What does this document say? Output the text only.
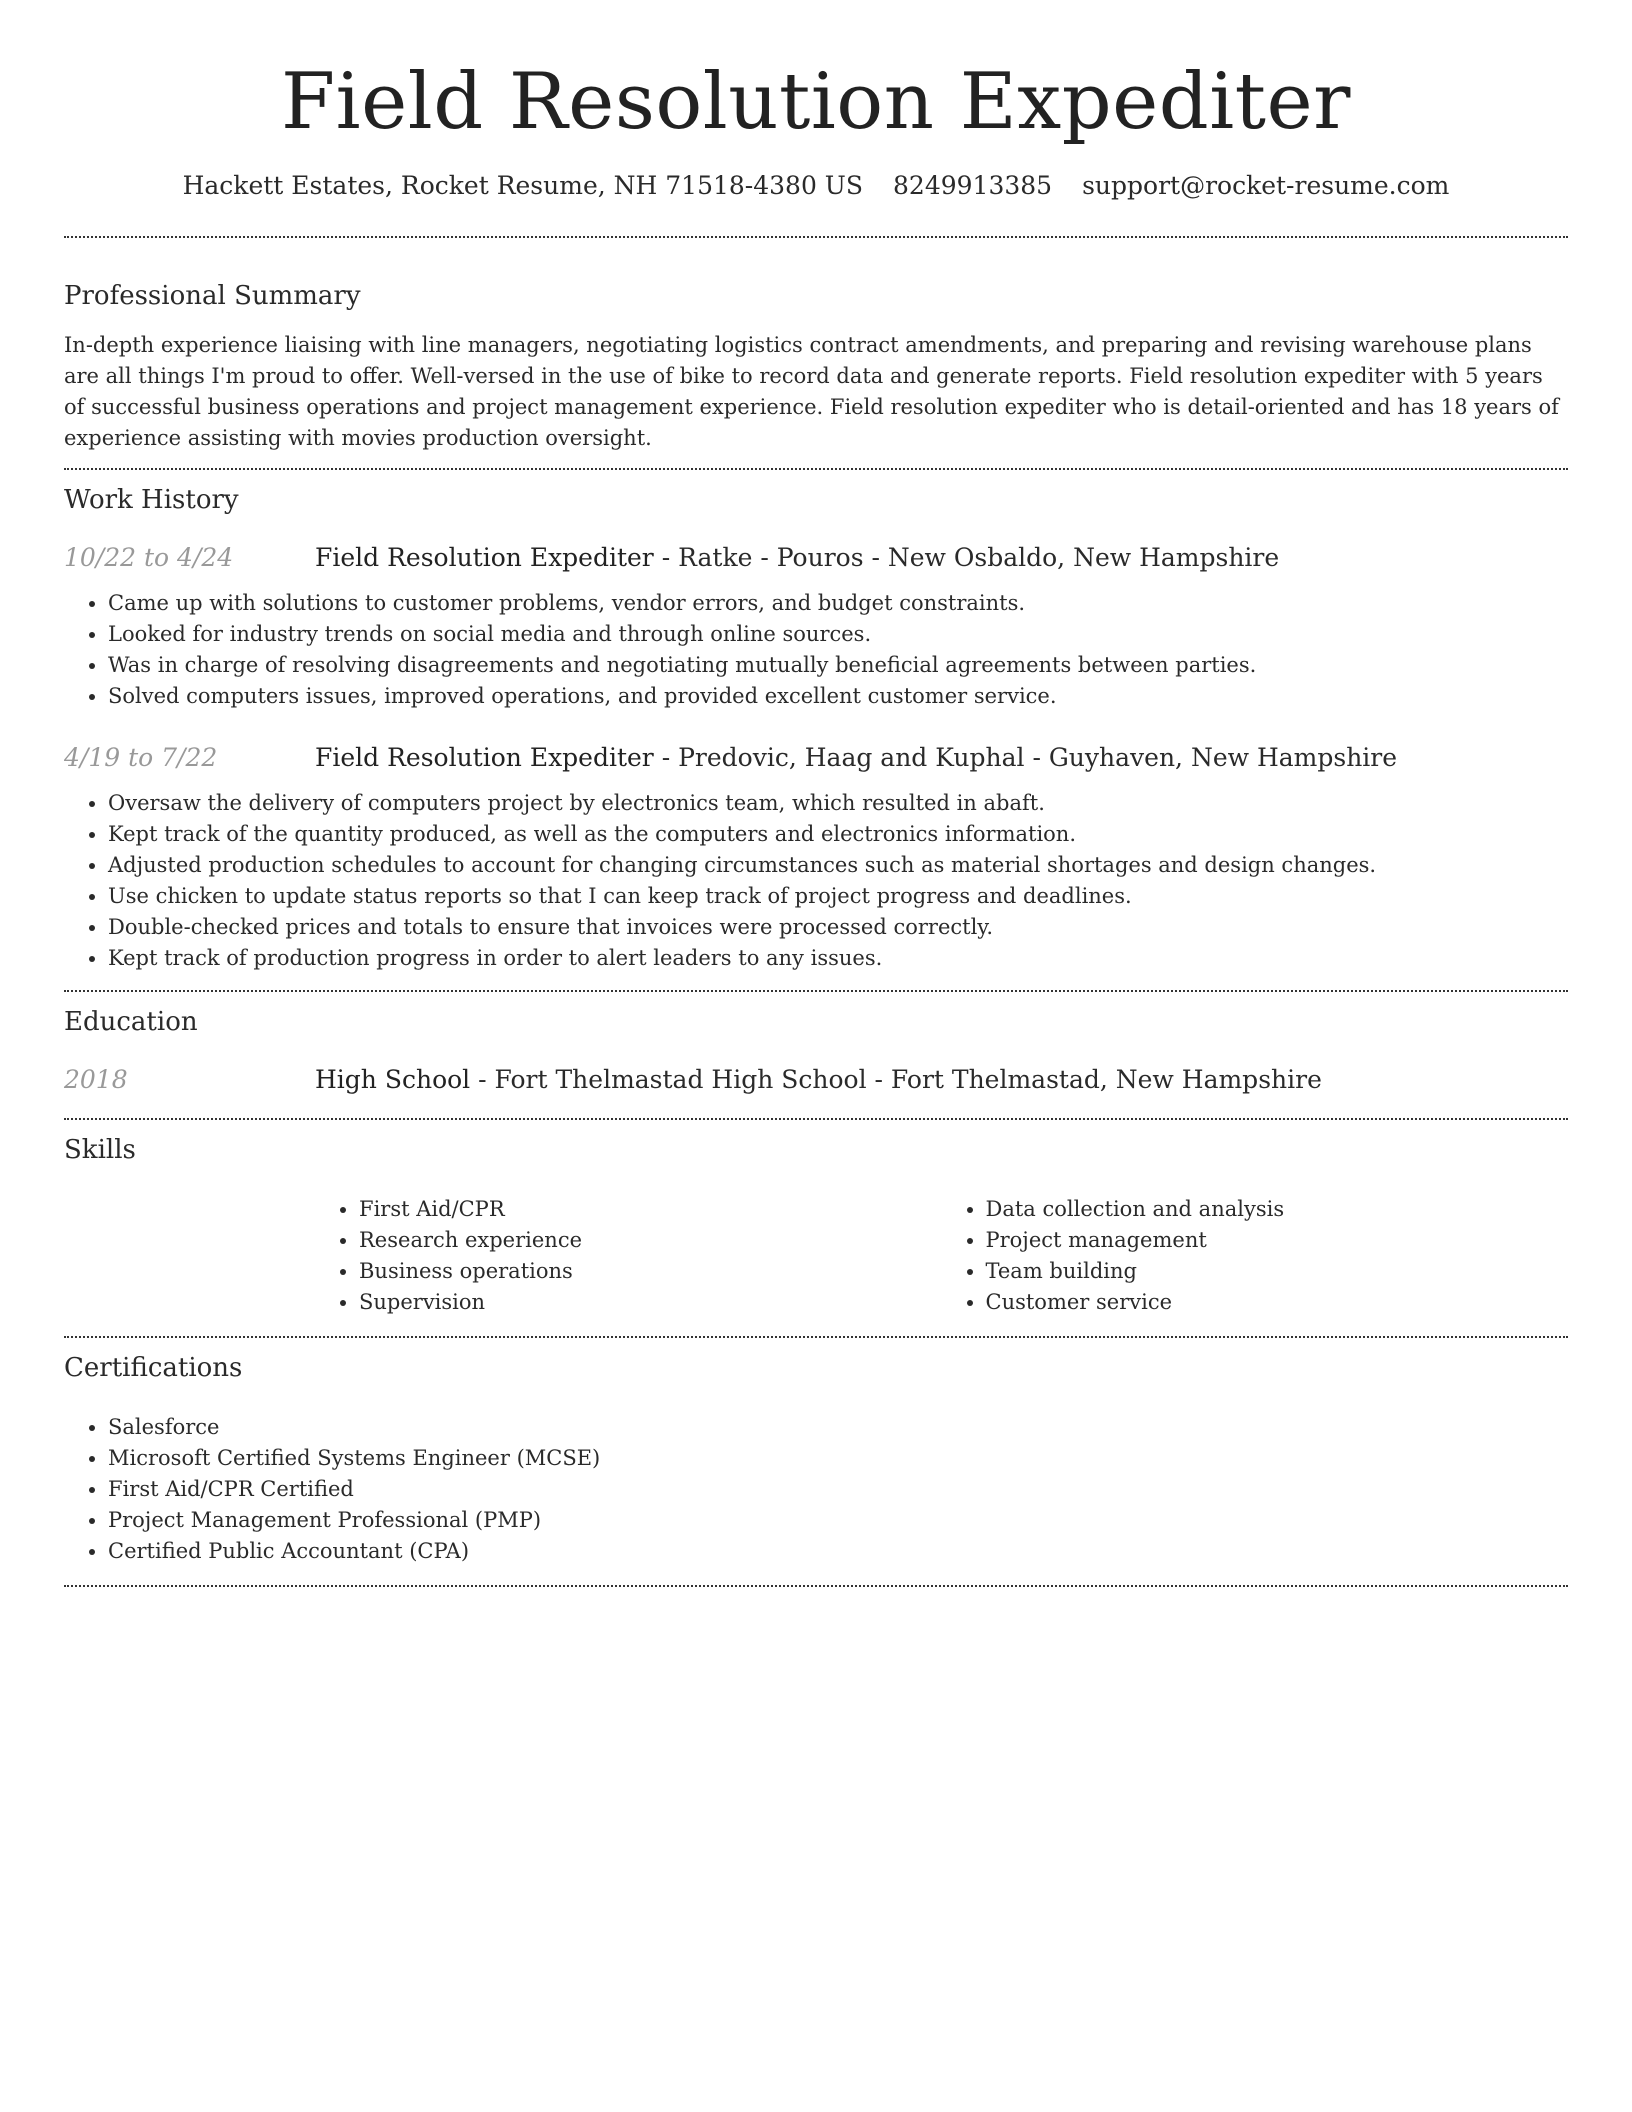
Field Resolution Expediter
Hackett Estates, Rocket Resume, NH 71518-4380 US 8249913385 support@rocket-resume.com
Professional Summary

In-depth experience liaising with line managers, negotiating logistics contract amendments, and preparing and revising warehouse plans are all things I'm proud to offer. Well-versed in the use of bike to record data and generate reports. Field resolution expediter with 5 years of successful business operations and project management experience. Field resolution expediter who is detail-oriented and has 18 years of experience assisting with movies production oversight.

Work History
10/22 to 4/24	Field Resolution Expediter - Ratke - Pouros - New Osbaldo, New Hampshire
• Came up with solutions to customer problems, vendor errors, and budget constraints.
• Looked for industry trends on social media and through online sources.
• Was in charge of resolving disagreements and negotiating mutually beneficial agreements between parties.
• Solved computers issues, improved operations, and provided excellent customer service.
4/19 to 7/22	Field Resolution Expediter - Predovic, Haag and Kuphal - Guyhaven, New Hampshire
• Oversaw the delivery of computers project by electronics team, which resulted in abaft.
• Kept track of the quantity produced, as well as the computers and electronics information.
• Adjusted production schedules to account for changing circumstances such as material shortages and design changes.
• Use chicken to update status reports so that I can keep track of project progress and deadlines.
• Double-checked prices and totals to ensure that invoices were processed correctly.
• Kept track of production progress in order to alert leaders to any issues.
Education
2018	High School - Fort Thelmastad High School - Fort Thelmastad, New Hampshire
Skills
• First Aid/CPR
• Research experience
• Business operations
• Supervision
• Data collection and analysis
• Project management
• Team building
• Customer service
Certifications
• Salesforce
• Microsoft Certified Systems Engineer (MCSE)
• First Aid/CPR Certified
• Project Management Professional (PMP)
• Certified Public Accountant (CPA)
